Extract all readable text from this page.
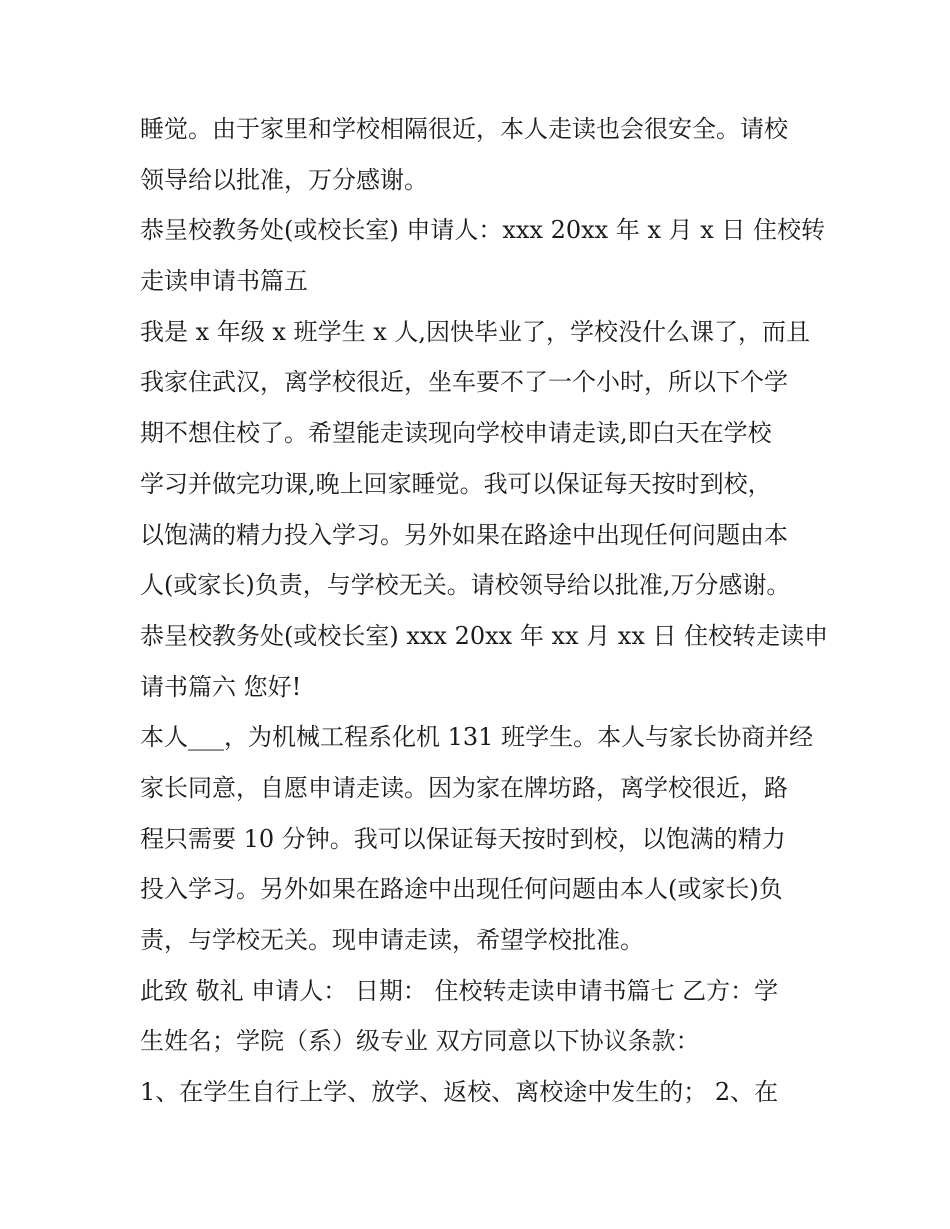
睡觉。由于家里和学校相隔很近，本人走读也会很安全。请校
领导给以批准，万分感谢。
恭呈校教务处(或校长室) 申请人：xxx 20xx 年 x 月 x 日 住校转
走读申请书篇五
我是 x 年级 x 班学生 x 人,因快毕业了，学校没什么课了，而且
我家住武汉，离学校很近，坐车要不了一个小时，所以下个学
期不想住校了。希望能走读现向学校申请走读,即白天在学校
学习并做完功课,晚上回家睡觉。我可以保证每天按时到校，
以饱满的精力投入学习。另外如果在路途中出现任何问题由本
人(或家长)负责，与学校无关。请校领导给以批准,万分感谢。
恭呈校教务处(或校长室) xxx 20xx 年 xx 月 xx 日 住校转走读申
请书篇六 您好!
本人___，为机械工程系化机 131 班学生。本人与家长协商并经
家长同意，自愿申请走读。因为家在牌坊路，离学校很近，路
程只需要 10 分钟。我可以保证每天按时到校，以饱满的精力
投入学习。另外如果在路途中出现任何问题由本人(或家长)负
责，与学校无关。现申请走读，希望学校批准。
此致 敬礼 申请人： 日期： 住校转走读申请书篇七 乙方：学
生姓名；学院（系）级专业 双方同意以下协议条款：
1、在学生自行上学、放学、返校、离校途中发生的； 2、在
